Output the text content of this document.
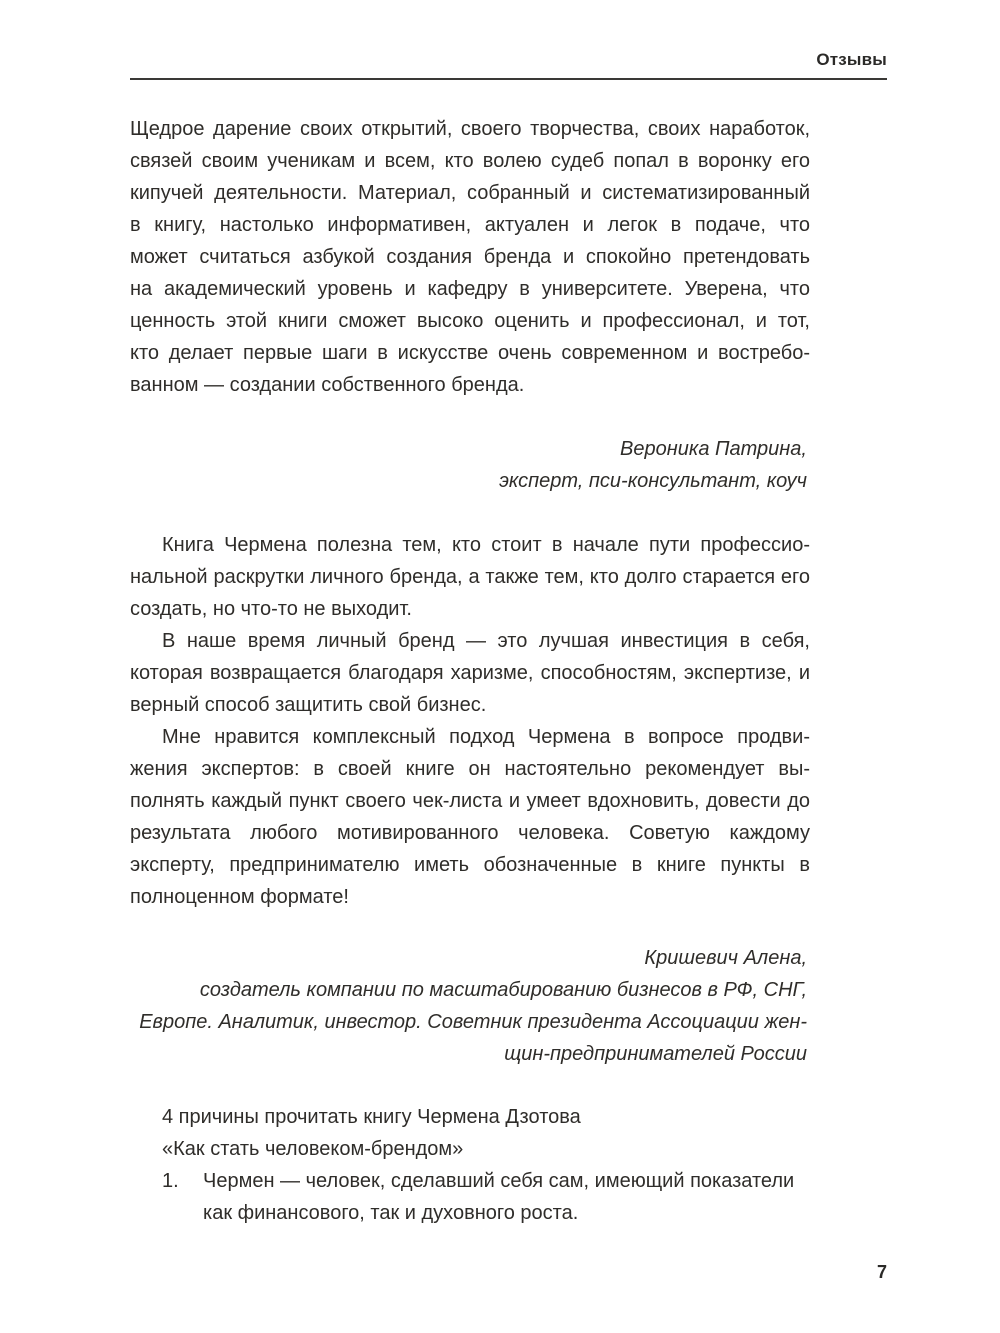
Отзывы
Щедрое дарение своих открытий, своего творчества, своих наработок,
связей своим ученикам и всем, кто волею судеб попал в воронку его
кипучей деятельности. Материал, собранный и систематизированный
в книгу, настолько информативен, актуален и легок в подаче, что
может считаться азбукой создания бренда и спокойно претендовать
на академический уровень и кафедру в университете. Уверена, что
ценность этой книги сможет высоко оценить и профессионал, и тот,
кто делает первые шаги в искусстве очень современном и востребо-
ванном — создании собственного бренда.
Вероника Патрина,
эксперт, пси-консультант, коуч

Книга Чермена полезна тем, кто стоит в начале пути профессио-нальной раскрутки личного бренда, а также тем, кто долго старается его создать, но что-то не выходит.

В наше время личный бренд — это лучшая инвестиция в себя, которая возвращается благодаря харизме, способностям, экспертизе, и верный способ защитить свой бизнес.

Мне нравится комплексный подход Чермена в вопросе продви-жения экспертов: в своей книге он настоятельно рекомендует вы-полнять каждый пункт своего чек-листа и умеет вдохновить, довести до результата любого мотивированного человека. Советую каждому эксперту, предпринимателю иметь обозначенные в книге пункты в полноценном формате!

Кришевич Алена,
создатель компании по масштабированию бизнесов в РФ, СНГ,
Европе. Аналитик, инвестор. Советник президента Ассоциации жен-
щин-предпринимателей России
4 причины прочитать книгу Чермена Дзотова
«Как стать человеком-брендом»
1. Чермен — человек, сделавший себя сам, имеющий показатели как финансового, так и духовного роста.
7
